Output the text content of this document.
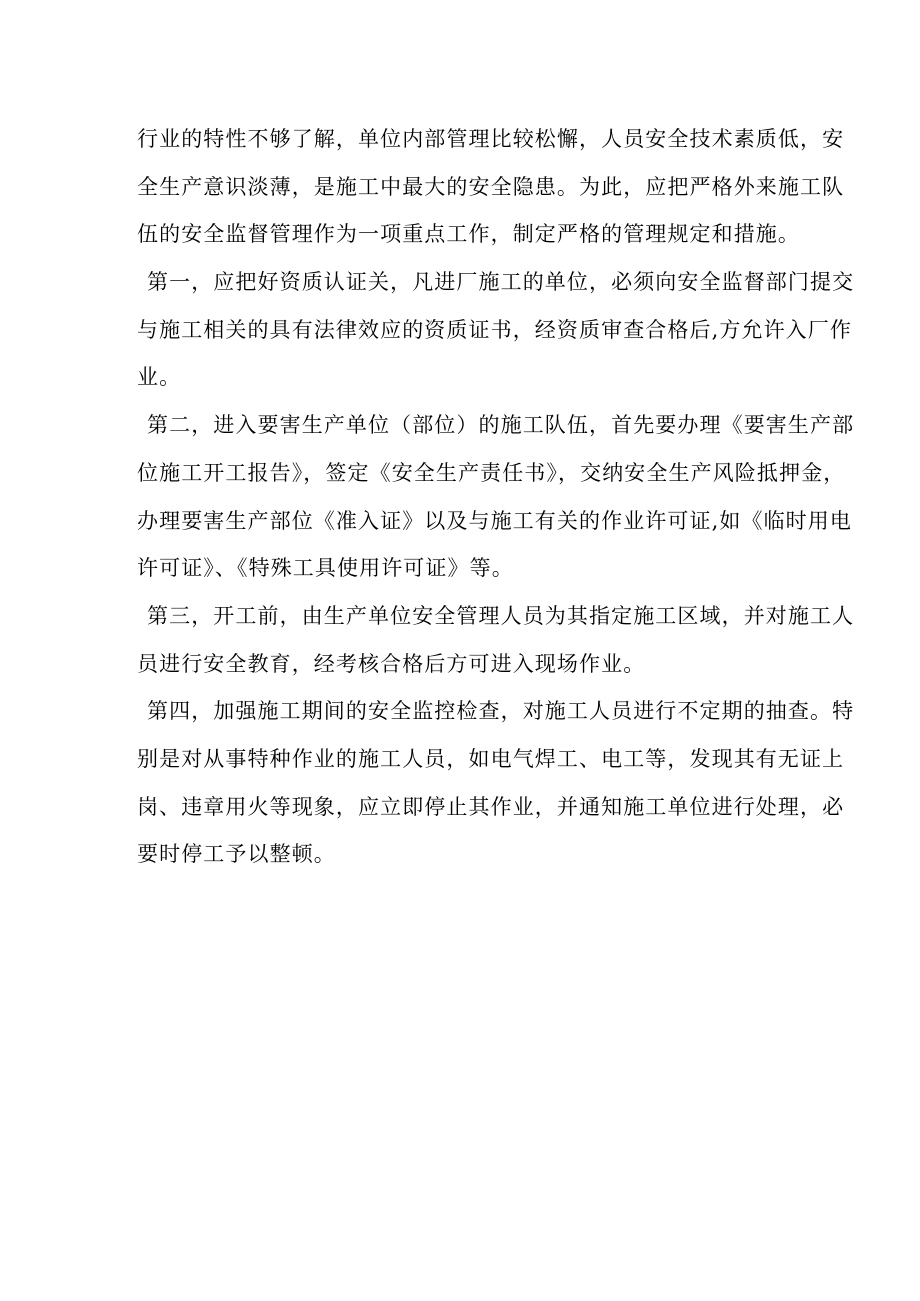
行业的特性不够了解，单位内部管理比较松懈，人员安全技术素质低，安
全生产意识淡薄，是施工中最大的安全隐患。为此，应把严格外来施工队
伍的安全监督管理作为一项重点工作，制定严格的管理规定和措施。
第一，应把好资质认证关，凡进厂施工的单位，必须向安全监督部门提交
与施工相关的具有法律效应的资质证书，经资质审查合格后,方允许入厂作
业。
第二，进入要害生产单位（部位）的施工队伍，首先要办理《要害生产部
位施工开工报告》，签定《安全生产责任书》，交纳安全生产风险抵押金，
办理要害生产部位《准入证》以及与施工有关的作业许可证,如《临时用电
许可证》、《特殊工具使用许可证》等。
第三，开工前，由生产单位安全管理人员为其指定施工区域，并对施工人
员进行安全教育，经考核合格后方可进入现场作业。
第四，加强施工期间的安全监控检查，对施工人员进行不定期的抽查。特
别是对从事特种作业的施工人员，如电气焊工、电工等，发现其有无证上
岗、违章用火等现象，应立即停止其作业，并通知施工单位进行处理，必
要时停工予以整顿。
